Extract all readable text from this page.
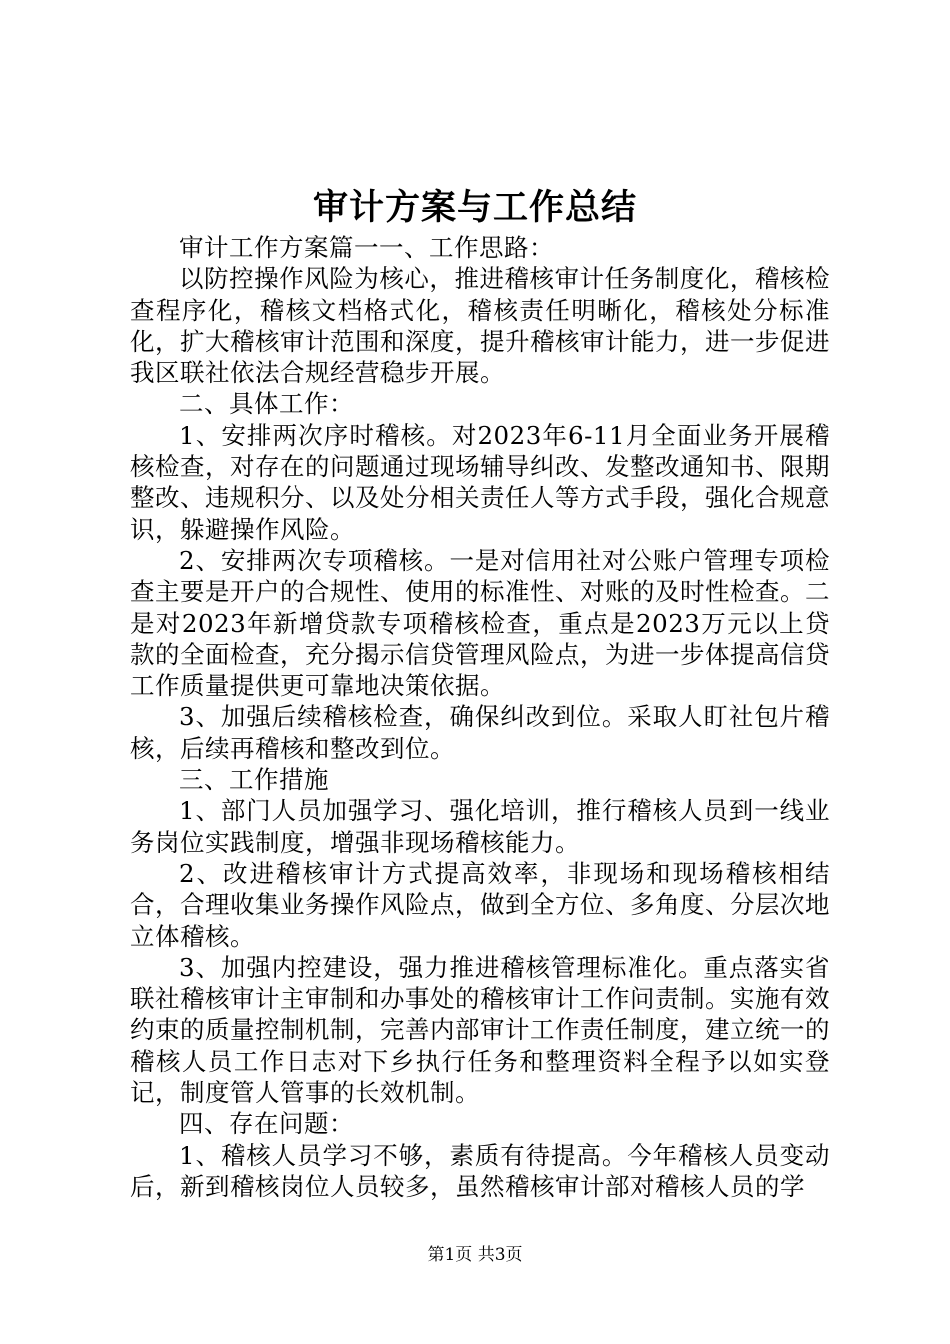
审计方案与工作总结

审计工作方案篇一一、工作思路：

以防控操作风险为核心，推进稽核审计任务制度化，稽核检查程序化，稽核文档格式化，稽核责任明晰化，稽核处分标准化，扩大稽核审计范围和深度，提升稽核审计能力，进一步促进我区联社依法合规经营稳步开展。

二、具体工作：

1、安排两次序时稽核。对2023年6-11月全面业务开展稽核检查，对存在的问题通过现场辅导纠改、发整改通知书、限期整改、违规积分、以及处分相关责任人等方式手段，强化合规意识，躲避操作风险。

2、安排两次专项稽核。一是对信用社对公账户管理专项检查主要是开户的合规性、使用的标准性、对账的及时性检查。二是对2023年新增贷款专项稽核检查，重点是2023万元以上贷款的全面检查，充分揭示信贷管理风险点，为进一步体提高信贷工作质量提供更可靠地决策依据。

3、加强后续稽核检查，确保纠改到位。采取人盯社包片稽核，后续再稽核和整改到位。

三、工作措施

1、部门人员加强学习、强化培训，推行稽核人员到一线业务岗位实践制度，增强非现场稽核能力。

2、改进稽核审计方式提高效率，非现场和现场稽核相结合，合理收集业务操作风险点，做到全方位、多角度、分层次地立体稽核。

3、加强内控建设，强力推进稽核管理标准化。重点落实省联社稽核审计主审制和办事处的稽核审计工作问责制。实施有效约束的质量控制机制，完善内部审计工作责任制度，建立统一的稽核人员工作日志对下乡执行任务和整理资料全程予以如实登记，制度管人管事的长效机制。

四、存在问题：

1、稽核人员学习不够，素质有待提高。今年稽核人员变动后，新到稽核岗位人员较多，虽然稽核审计部对稽核人员的学

第1页 共3页
